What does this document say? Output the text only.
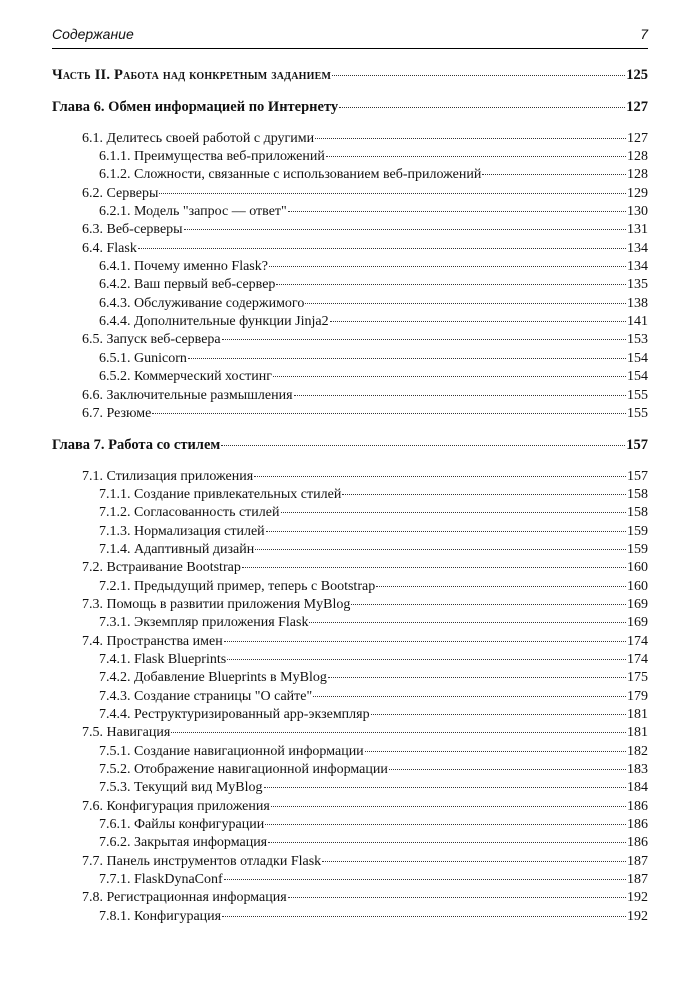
Содержание	7
Часть II. Работа над конкретным заданием	125
Глава 6. Обмен информацией по Интернету	127
6.1. Делитесь своей работой с другими	127
6.1.1. Преимущества веб-приложений	128
6.1.2. Сложности, связанные с использованием веб-приложений	128
6.2. Серверы	129
6.2.1. Модель "запрос — ответ"	130
6.3. Веб-серверы	131
6.4. Flask	134
6.4.1. Почему именно Flask?	134
6.4.2. Ваш первый веб-сервер	135
6.4.3. Обслуживание содержимого	138
6.4.4. Дополнительные функции Jinja2	141
6.5. Запуск веб-сервера	153
6.5.1. Gunicorn	154
6.5.2. Коммерческий хостинг	154
6.6. Заключительные размышления	155
6.7. Резюме	155
Глава 7. Работа со стилем	157
7.1. Стилизация приложения	157
7.1.1. Создание привлекательных стилей	158
7.1.2. Согласованность стилей	158
7.1.3. Нормализация стилей	159
7.1.4. Адаптивный дизайн	159
7.2. Встраивание Bootstrap	160
7.2.1. Предыдущий пример, теперь с Bootstrap	160
7.3. Помощь в развитии приложения MyBlog	169
7.3.1. Экземпляр приложения Flask	169
7.4. Пространства имен	174
7.4.1. Flask Blueprints	174
7.4.2. Добавление Blueprints в MyBlog	175
7.4.3. Создание страницы "О сайте"	179
7.4.4. Реструктуризированный app-экземпляр	181
7.5. Навигация	181
7.5.1. Создание навигационной информации	182
7.5.2. Отображение навигационной информации	183
7.5.3. Текущий вид MyBlog	184
7.6. Конфигурация приложения	186
7.6.1. Файлы конфигурации	186
7.6.2. Закрытая информация	186
7.7. Панель инструментов отладки Flask	187
7.7.1. FlaskDynaConf	187
7.8. Регистрационная информация	192
7.8.1. Конфигурация	192
